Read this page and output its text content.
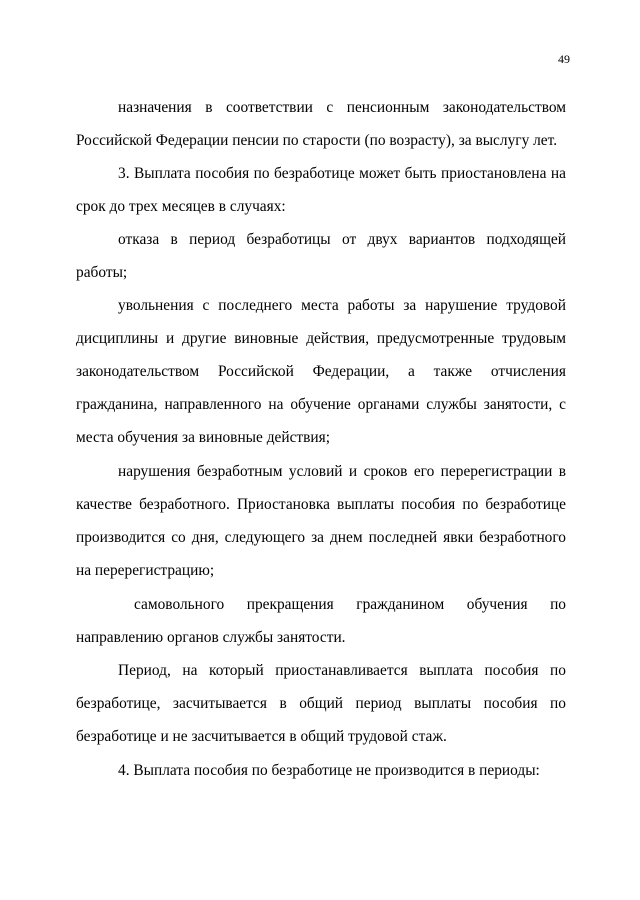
49
назначения в соответствии с пенсионным законодательством
Российской Федерации пенсии по старости (по возрасту), за выслугу лет.
3. Выплата пособия по безработице может быть приостановлена на
срок до трех месяцев в случаях:
отказа в период безработицы от двух вариантов подходящей
работы;
увольнения с последнего места работы за нарушение трудовой
дисциплины и другие виновные действия, предусмотренные трудовым
законодательством Российской Федерации, а также отчисления
гражданина, направленного на обучение органами службы занятости, с
места обучения за виновные действия;
нарушения безработным условий и сроков его перерегистрации в
качестве безработного. Приостановка выплаты пособия по безработице
производится со дня, следующего за днем последней явки безработного
на перерегистрацию;
самовольного прекращения гражданином обучения по
направлению органов службы занятости.
Период, на который приостанавливается выплата пособия по
безработице, засчитывается в общий период выплаты пособия по
безработице и не засчитывается в общий трудовой стаж.
4. Выплата пособия по безработице не производится в периоды:
